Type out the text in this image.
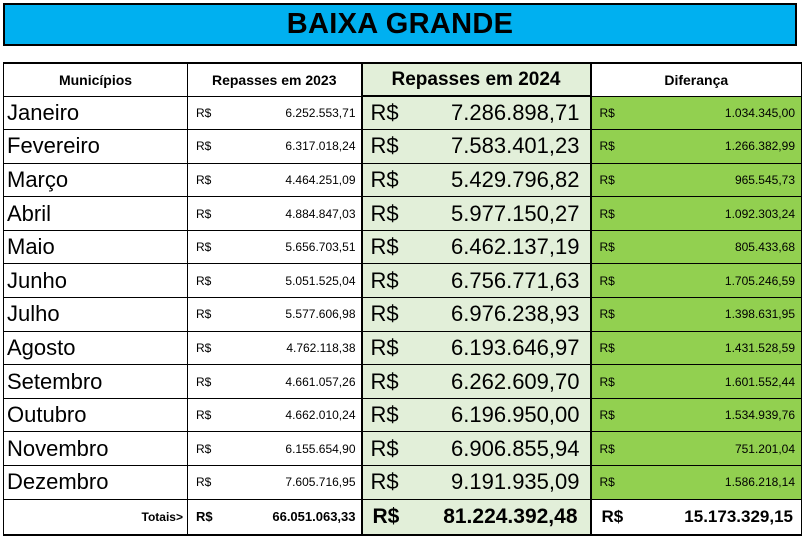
BAIXA GRANDE
Municípios	Repasses em 2023	Repasses em 2024	Diferança
Janeiro	R$ 6.252.553,71	R$ 7.286.898,71	R$ 1.034.345,00

Fevereiro	R$ 6.317.018,24	R$ 7.583.401,23	R$ 1.266.382,99

Março	R$ 4.464.251,09	R$ 5.429.796,82	R$ 965.545,73

Abril	R$ 4.884.847,03	R$ 5.977.150,27	R$ 1.092.303,24

Maio	R$ 5.656.703,51	R$ 6.462.137,19	R$ 805.433,68

Junho	R$ 5.051.525,04	R$ 6.756.771,63	R$ 1.705.246,59

Julho	R$ 5.577.606,98	R$ 6.976.238,93	R$ 1.398.631,95

Agosto	R$ 4.762.118,38	R$ 6.193.646,97	R$ 1.431.528,59

Setembro	R$ 4.661.057,26	R$ 6.262.609,70	R$ 1.601.552,44

Outubro	R$ 4.662.010,24	R$ 6.196.950,00	R$ 1.534.939,76

Novembro	R$ 6.155.654,90	R$ 6.906.855,94	R$ 751.201,04

Dezembro	R$ 7.605.716,95	R$ 9.191.935,09	R$ 1.586.218,14

Totais>	R$ 66.051.063,33	R$ 81.224.392,48	R$ 15.173.329,15
